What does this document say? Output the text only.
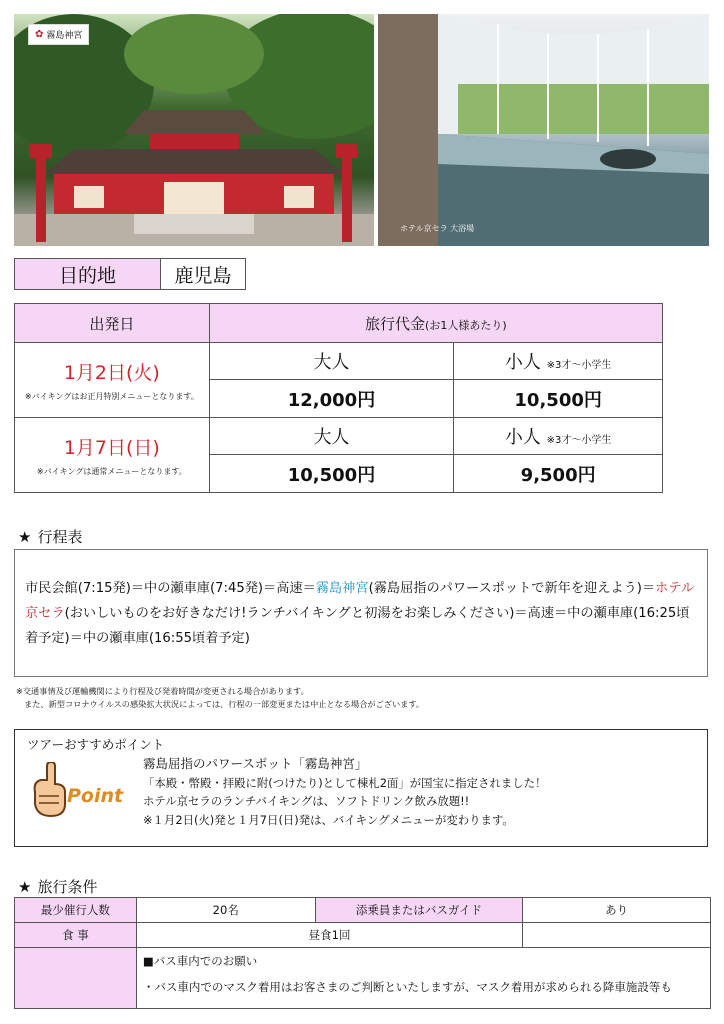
✿ 霧島神宮
ホテル京セラ 大浴場
目的地	鹿児島
出発日	旅行代金(お1人様あたり)	

1月2日(火)
※バイキングはお正月特別メニューとなります。	大人	小人 ※3才～小学生
	12,000円	10,500円

1月7日(日)
※バイキングは通常メニューとなります。	大人	小人 ※3才～小学生
	10,500円	9,500円
★ 行程表
市民会館(7:15発)＝中の瀬車庫(7:45発)＝高速＝霧島神宮(霧島屈指のパワースポットで新年を迎えよう)＝ホテル京セラ(おいしいものをお好きなだけ!ランチバイキングと初湯をお楽しみください)＝高速＝中の瀬車庫(16:25頃着予定)＝中の瀬車庫(16:55頃着予定)
※交通事情及び運輸機関により行程及び発着時間が変更される場合があります。
また、新型コロナウイルスの感染拡大状況によっては、行程の一部変更または中止となる場合がございます。
ツアーおすすめポイント
Point
霧島屈指のパワースポット「霧島神宮」
「本殿・幣殿・拝殿に附(つけたり)として棟札2面」が国宝に指定されました！
ホテル京セラのランチバイキングは、ソフトドリンク飲み放題!!
※１月2日(火)発と１月7日(日)発は、バイキングメニューが変わります。
★ 旅行条件
最少催行人数	20名	添乗員またはバスガイド	あり
食 事	昼食1回		

	■バス車内でのお願い
・バス車内でのマスク着用はお客さまのご判断といたしますが、マスク着用が求められる降車施設等も		
